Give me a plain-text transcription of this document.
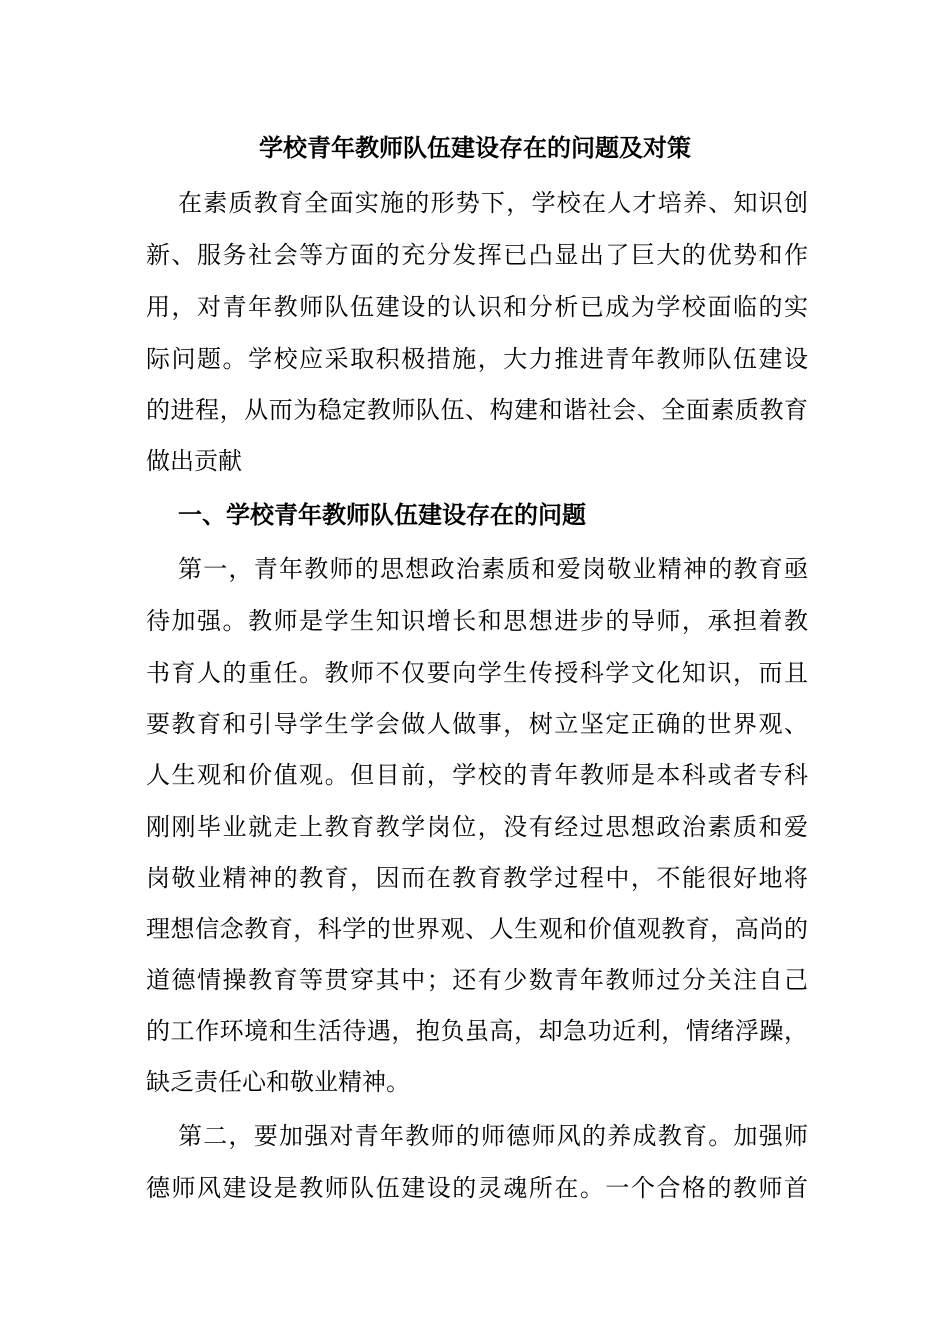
学校青年教师队伍建设存在的问题及对策
在素质教育全面实施的形势下，学校在人才培养、知识创
新、服务社会等方面的充分发挥已凸显出了巨大的优势和作
用，对青年教师队伍建设的认识和分析已成为学校面临的实
际问题。学校应采取积极措施，大力推进青年教师队伍建设
的进程，从而为稳定教师队伍、构建和谐社会、全面素质教育
做出贡献
一、学校青年教师队伍建设存在的问题
第一，青年教师的思想政治素质和爱岗敬业精神的教育亟
待加强。教师是学生知识增长和思想进步的导师，承担着教
书育人的重任。教师不仅要向学生传授科学文化知识，而且
要教育和引导学生学会做人做事，树立坚定正确的世界观、
人生观和价值观。但目前，学校的青年教师是本科或者专科
刚刚毕业就走上教育教学岗位，没有经过思想政治素质和爱
岗敬业精神的教育，因而在教育教学过程中，不能很好地将
理想信念教育，科学的世界观、人生观和价值观教育，高尚的
道德情操教育等贯穿其中；还有少数青年教师过分关注自己
的工作环境和生活待遇，抱负虽高，却急功近利，情绪浮躁，
缺乏责任心和敬业精神。
第二，要加强对青年教师的师德师风的养成教育。加强师
德师风建设是教师队伍建设的灵魂所在。一个合格的教师首
